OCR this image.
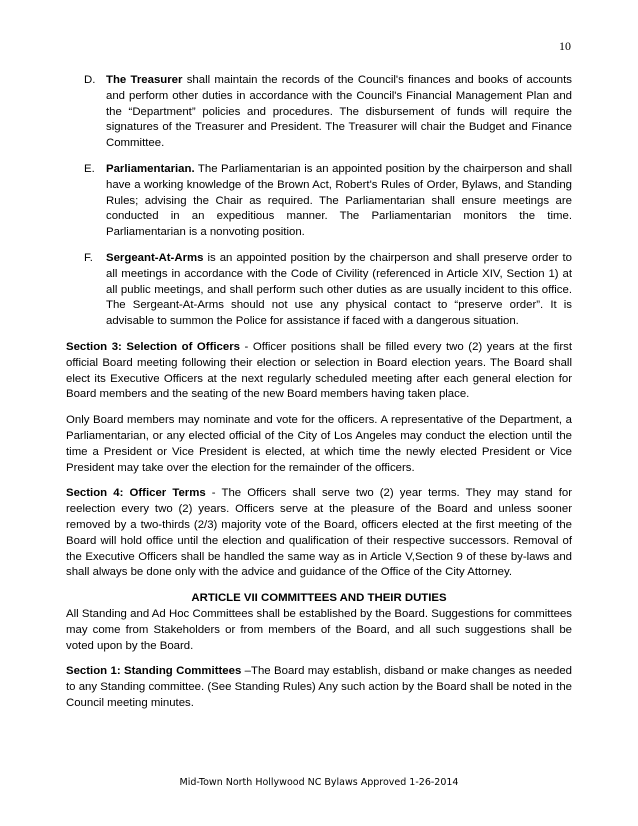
10
D. The Treasurer shall maintain the records of the Council's finances and books of accounts and perform other duties in accordance with the Council's Financial Management Plan and the “Department” policies and procedures. The disbursement of funds will require the signatures of the Treasurer and President. The Treasurer will chair the Budget and Finance Committee.
E. Parliamentarian. The Parliamentarian is an appointed position by the chairperson and shall have a working knowledge of the Brown Act, Robert's Rules of Order, Bylaws, and Standing Rules; advising the Chair as required. The Parliamentarian shall ensure meetings are conducted in an expeditious manner. The Parliamentarian monitors the time. Parliamentarian is a nonvoting position.
F.	Sergeant-At-Arms is an appointed position by the chairperson and shall preserve order to all meetings in accordance with the Code of Civility (referenced in Article XIV, Section 1) at all public meetings, and shall perform such other duties as are usually incident to this office. The Sergeant-At-Arms should not use any physical contact to “preserve order”. It is advisable to summon the Police for assistance if faced with a dangerous situation.

Section 3: Selection of Officers - Officer positions shall be filled every two (2) years at the first official Board meeting following their election or selection in Board election years. The Board shall elect its Executive Officers at the next regularly scheduled meeting after each general election for Board members and the seating of the new Board members having taken place.

Only Board members may nominate and vote for the officers. A representative of the Department, a Parliamentarian, or any elected official of the City of Los Angeles may conduct the election until the time a President or Vice President is elected, at which time the newly elected President or Vice President may take over the election for the remainder of the officers.

Section 4: Officer Terms - The Officers shall serve two (2) year terms. They may stand for reelection every two (2) years. Officers serve at the pleasure of the Board and unless sooner removed by a two-thirds (2/3) majority vote of the Board, officers elected at the first meeting of the Board will hold office until the election and qualification of their respective successors. Removal of the Executive Officers shall be handled the same way as in Article V,Section 9 of these by-laws and shall always be done only with the advice and guidance of the Office of the City Attorney.

ARTICLE VII COMMITTEES AND THEIR DUTIES

All Standing and Ad Hoc Committees shall be established by the Board. Suggestions for committees may come from Stakeholders or from members of the Board, and all such suggestions shall be voted upon by the Board.

Section 1: Standing Committees –The Board may establish, disband or make changes as needed to any Standing committee. (See Standing Rules) Any such action by the Board shall be noted in the Council meeting minutes.

Mid-Town North Hollywood NC Bylaws Approved 1-26-2014
